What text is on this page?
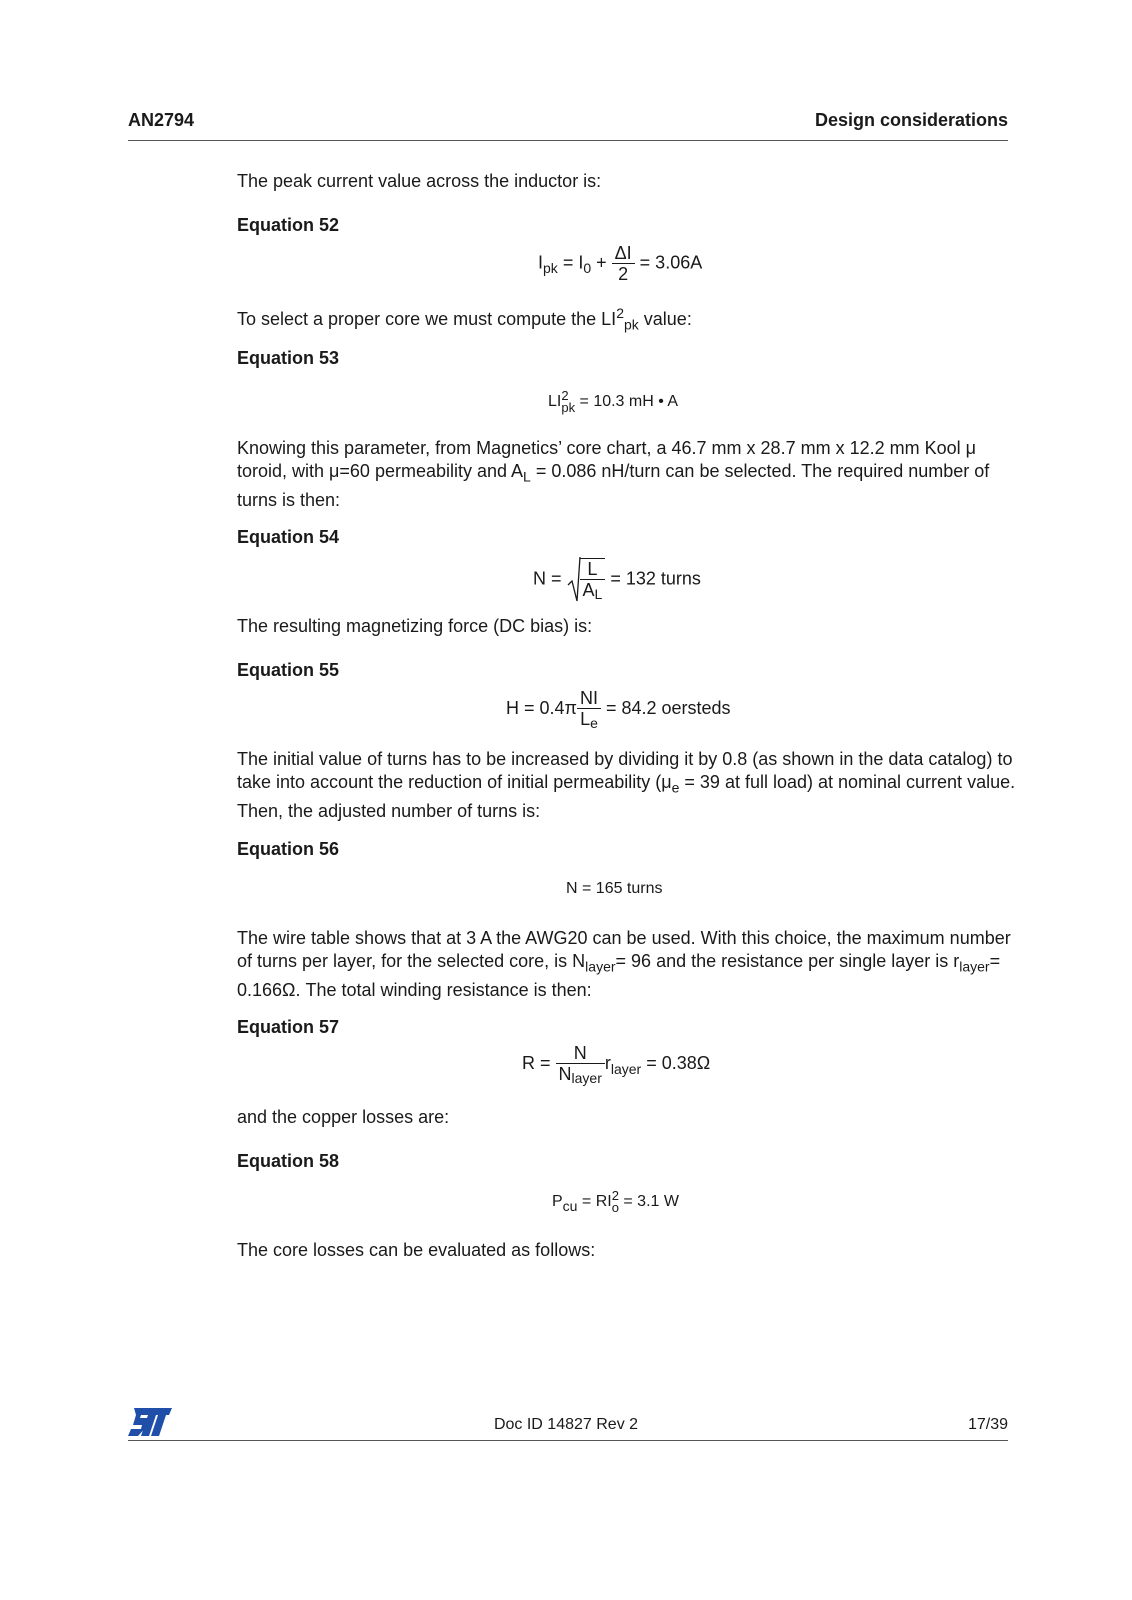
AN2794	Design considerations
The peak current value across the inductor is:
Equation 52
$I_{pk} = I_0 + \frac{\Delta I}{2} = 3.06A$
To select a proper core we must compute the $LI^2_{pk}$ value:
Equation 53
LI 2
pk = 10.3 mH • A
Knowing this parameter, from Magnetics’ core chart, a 46.7 mm x 28.7 mm x 12.2 mm Kool μ toroid, with μ=60 permeability and $A_L = 0.086$ nH/turn can be selected. The required number of turns is then:
Equation 54
$N = \frac{L}{AL} = 132$ turns
The resulting magnetizing force (DC bias) is:
Equation 55
$H = 0.4\pi \frac{NI}{Le} = 84.2$ oersteds
The initial value of turns has to be increased by dividing it by 0.8 (as shown in the data catalog) to take into account the reduction of initial permeability ($\mu_e = 39$ at full load) at nominal current value. Then, the adjusted number of turns is:
Equation 56
N = 165 turns
The wire table shows that at 3 A the AWG20 can be used. With this choice, the maximum number of turns per layer, for the selected core, is $N_{layer}= 96$ and the resistance per single layer is $r_{layer}= 0.166\Omega$. The total winding resistance is then:
Equation 57
$R = \frac{N}{\text{Nlayer}} r_{layer} = 0.38\Omega$
and the copper losses are:
Equation 58
Pcu = RI 2
o = 3.1 W
The core losses can be evaluated as follows:
Doc ID 14827 Rev 2	17/39
